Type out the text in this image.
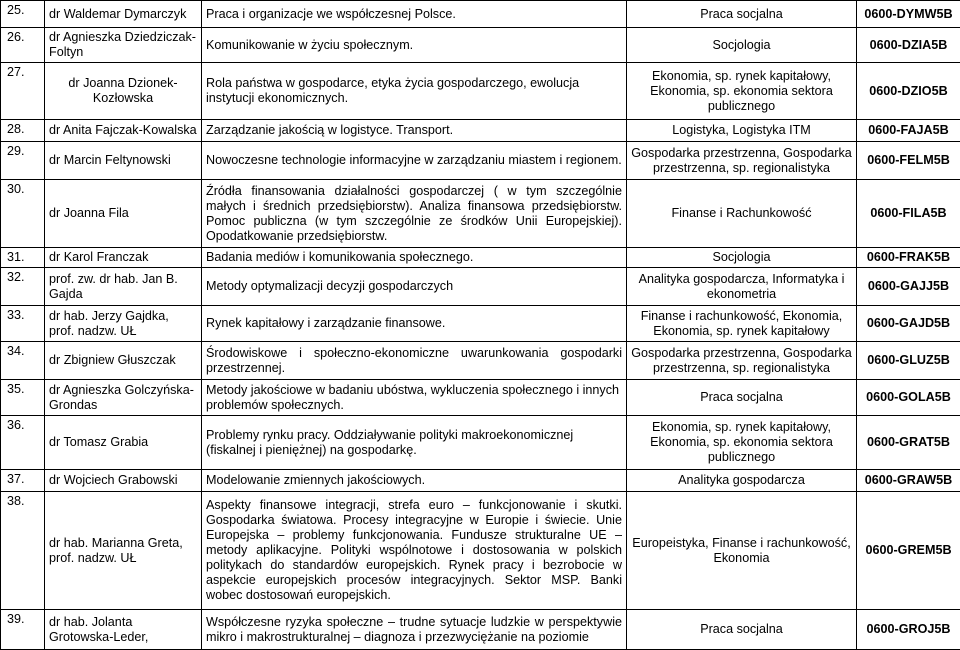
25.	dr Waldemar Dymarczyk	Praca i organizacje we współczesnej Polsce.	Praca socjalna	0600-DYMW5B
26.	dr Agnieszka Dziedziczak-Foltyn	Komunikowanie w życiu społecznym.	Socjologia	0600-DZIA5B
27.	dr Joanna Dzionek-Kozłowska	Rola państwa w gospodarce, etyka życia gospodarczego, ewolucja instytucji ekonomicznych.	Ekonomia, sp. rynek kapitałowy, Ekonomia, sp. ekonomia sektora publicznego	0600-DZIO5B
28.	dr Anita Fajczak-Kowalska	Zarządzanie jakością w logistyce. Transport.	Logistyka, Logistyka ITM	0600-FAJA5B
29.	dr Marcin Feltynowski	Nowoczesne technologie informacyjne w zarządzaniu miastem i regionem.	Gospodarka przestrzenna, Gospodarka przestrzenna, sp. regionalistyka	0600-FELM5B
30.	dr Joanna Fila	Źródła finansowania działalności gospodarczej ( w tym szczególnie małych i średnich przedsiębiorstw). Analiza finansowa przedsiębiorstw. Pomoc publiczna (w tym szczególnie ze środków Unii Europejskiej). Opodatkowanie przedsiębiorstw.	Finanse i Rachunkowość	0600-FILA5B
31.	dr Karol Franczak	Badania mediów i komunikowania społecznego.	Socjologia	0600-FRAK5B
32.	prof. zw. dr hab. Jan B. Gajda	Metody optymalizacji decyzji gospodarczych	Analityka gospodarcza, Informatyka i ekonometria	0600-GAJJ5B
33.	dr hab. Jerzy Gajdka, prof. nadzw. UŁ	Rynek kapitałowy i zarządzanie finansowe.	Finanse i rachunkowość, Ekonomia, Ekonomia, sp. rynek kapitałowy	0600-GAJD5B
34.	dr Zbigniew Głuszczak	Środowiskowe i społeczno-ekonomiczne uwarunkowania gospodarki przestrzennej.	Gospodarka przestrzenna, Gospodarka przestrzenna, sp. regionalistyka	0600-GLUZ5B
35.	dr Agnieszka Golczyńska-Grondas	Metody jakościowe w badaniu ubóstwa, wykluczenia społecznego i innych problemów społecznych.	Praca socjalna	0600-GOLA5B
36.	dr Tomasz Grabia	Problemy rynku pracy. Oddziaływanie polityki makroekonomicznej (fiskalnej i pieniężnej) na gospodarkę.	Ekonomia, sp. rynek kapitałowy, Ekonomia, sp. ekonomia sektora publicznego	0600-GRAT5B
37.	dr Wojciech Grabowski	Modelowanie zmiennych jakościowych.	Analityka gospodarcza	0600-GRAW5B
38.	dr hab. Marianna Greta, prof. nadzw. UŁ	Aspekty finansowe integracji, strefa euro – funkcjonowanie i skutki. Gospodarka światowa. Procesy integracyjne w Europie i świecie. Unie Europejska – problemy funkcjonowania. Fundusze strukturalne UE – metody aplikacyjne. Polityki wspólnotowe i dostosowania w polskich politykach do standardów europejskich. Rynek pracy i bezrobocie w aspekcie europejskich procesów integracyjnych. Sektor MSP. Banki wobec dostosowań europejskich.	Europeistyka, Finanse i rachunkowość, Ekonomia	0600-GREM5B
39.	dr hab. Jolanta Grotowska-Leder,	Współczesne ryzyka społeczne – trudne sytuacje ludzkie w perspektywie mikro i makrostrukturalnej – diagnoza i przezwyciężanie na poziomie	Praca socjalna	0600-GROJ5B
